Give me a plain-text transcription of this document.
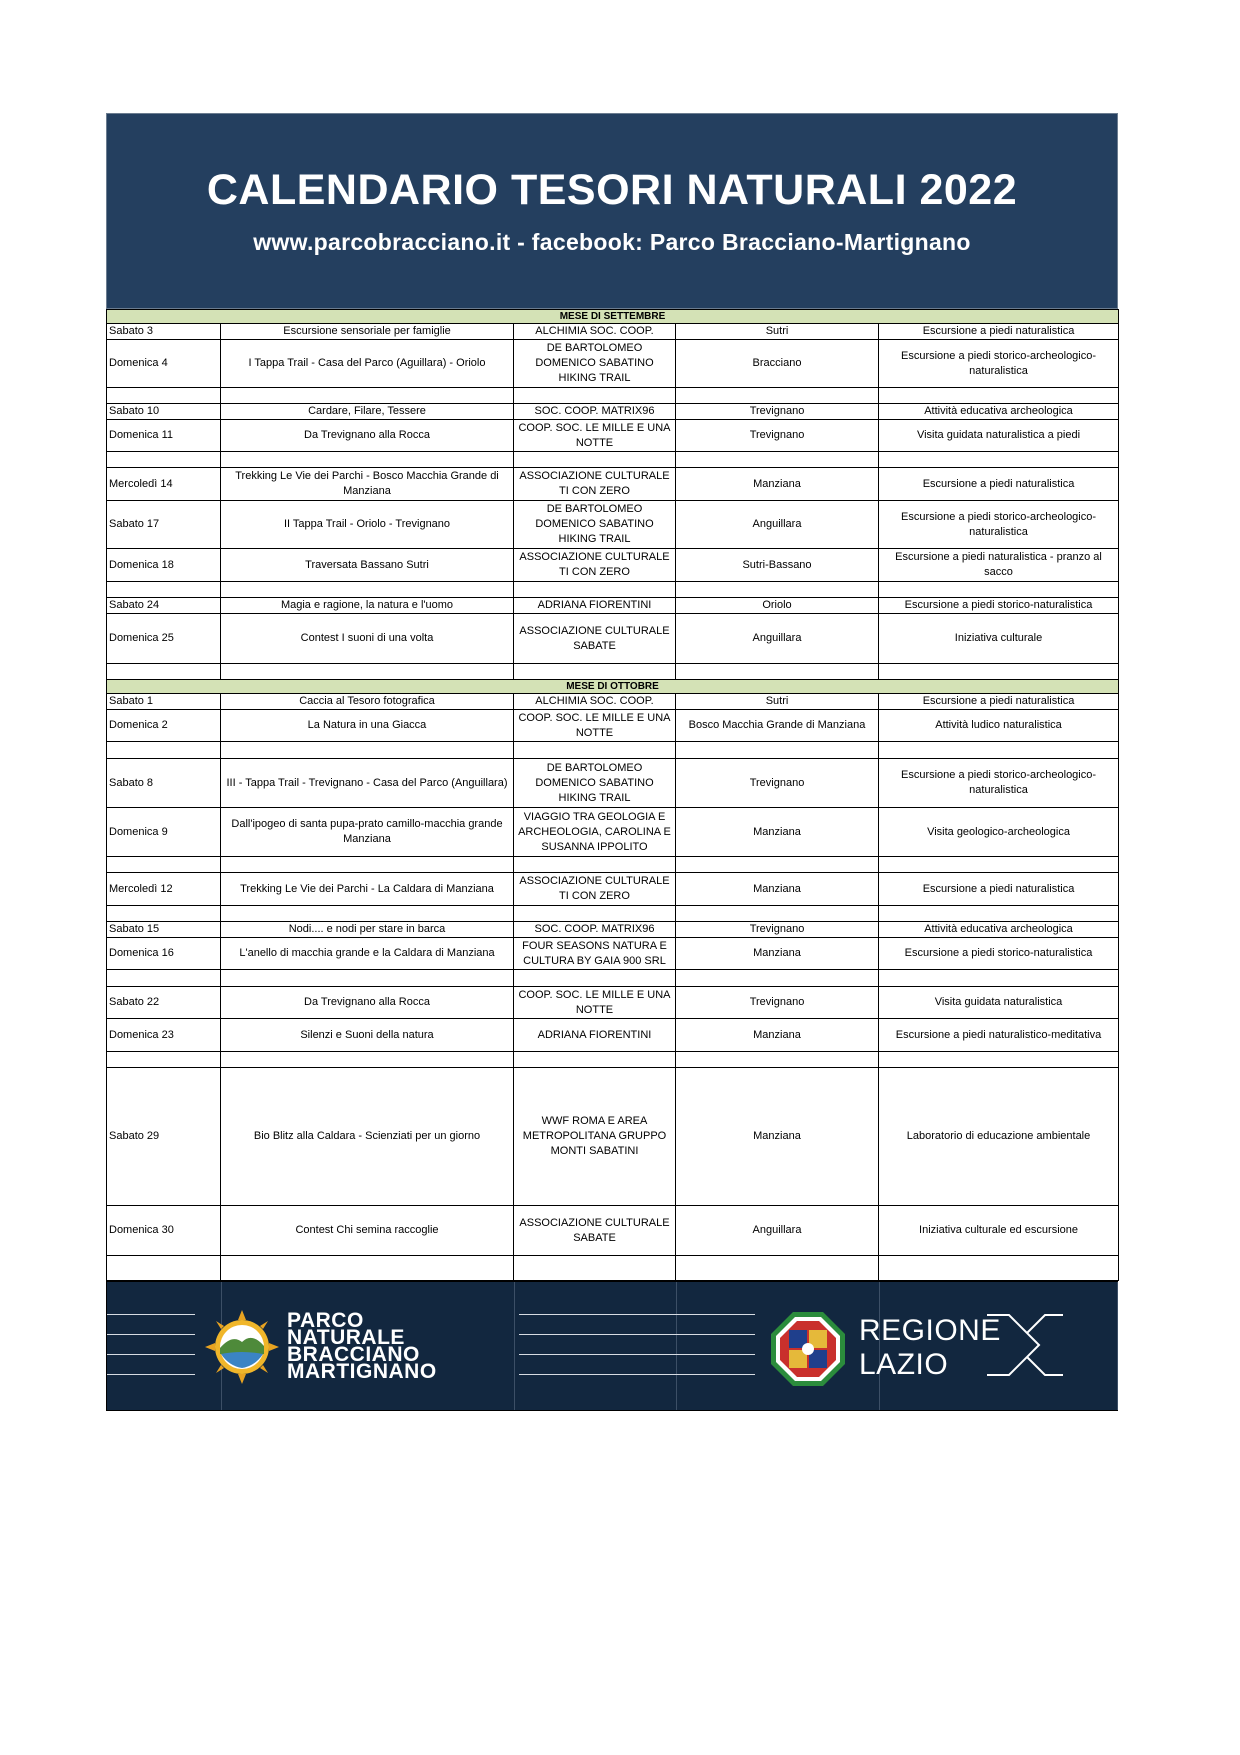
CALENDARIO TESORI NATURALI 2022
www.parcobracciano.it - facebook: Parco Bracciano-Martignano
MESE DI SETTEMBRE				
Sabato 3	Escursione sensoriale per famiglie	ALCHIMIA SOC. COOP.	Sutri	Escursione a piedi naturalistica
Domenica 4	I Tappa Trail - Casa del Parco (Aguillara) - Oriolo	DE BARTOLOMEO DOMENICO SABATINO HIKING TRAIL	Bracciano	Escursione a piedi storico-archeologico-naturalistica

Sabato 10	Cardare, Filare, Tessere	SOC. COOP. MATRIX96	Trevignano	Attività educativa archeologica
Domenica 11	Da Trevignano alla Rocca	COOP. SOC. LE MILLE E UNA NOTTE	Trevignano	Visita guidata naturalistica a piedi

Mercoledì 14	Trekking Le Vie dei Parchi - Bosco Macchia Grande di Manziana	ASSOCIAZIONE CULTURALE TI CON ZERO	Manziana	Escursione a piedi naturalistica
Sabato 17	II Tappa Trail - Oriolo - Trevignano	DE BARTOLOMEO DOMENICO SABATINO HIKING TRAIL	Anguillara	Escursione a piedi storico-archeologico-naturalistica
Domenica 18	Traversata Bassano Sutri	ASSOCIAZIONE CULTURALE TI CON ZERO	Sutri-Bassano	Escursione a piedi naturalistica - pranzo al sacco

Sabato 24	Magia e ragione, la natura e l'uomo	ADRIANA FIORENTINI	Oriolo	Escursione a piedi storico-naturalistica
Domenica 25	Contest I suoni di una volta	ASSOCIAZIONE CULTURALE SABATE	Anguillara	Iniziativa culturale

MESE DI OTTOBRE				
Sabato 1	Caccia al Tesoro fotografica	ALCHIMIA SOC. COOP.	Sutri	Escursione a piedi naturalistica
Domenica 2	La Natura in una Giacca	COOP. SOC. LE MILLE E UNA NOTTE	Bosco Macchia Grande di Manziana	Attività ludico naturalistica

Sabato 8	III - Tappa Trail - Trevignano - Casa del Parco (Anguillara)	DE BARTOLOMEO DOMENICO SABATINO HIKING TRAIL	Trevignano	Escursione a piedi storico-archeologico-naturalistica
Domenica 9	Dall'ipogeo di santa pupa-prato camillo-macchia grande Manziana	VIAGGIO TRA GEOLOGIA E ARCHEOLOGIA, CAROLINA E SUSANNA IPPOLITO	Manziana	Visita geologico-archeologica

Mercoledì 12	Trekking Le Vie dei Parchi - La Caldara di Manziana	ASSOCIAZIONE CULTURALE TI CON ZERO	Manziana	Escursione a piedi naturalistica

Sabato 15	Nodi.... e nodi per stare in barca	SOC. COOP. MATRIX96	Trevignano	Attività educativa archeologica
Domenica 16	L'anello di macchia grande e la Caldara di Manziana	FOUR SEASONS NATURA E CULTURA BY GAIA 900 SRL	Manziana	Escursione a piedi storico-naturalistica

Sabato 22	Da Trevignano alla Rocca	COOP. SOC. LE MILLE E UNA NOTTE	Trevignano	Visita guidata naturalistica
Domenica 23	Silenzi e Suoni della natura	ADRIANA FIORENTINI	Manziana	Escursione a piedi naturalistico-meditativa

Sabato 29	Bio Blitz alla Caldara - Scienziati per un giorno	WWF ROMA E AREA METROPOLITANA GRUPPO MONTI SABATINI	Manziana	Laboratorio di educazione ambientale
Domenica 30	Contest Chi semina raccoglie	ASSOCIAZIONE CULTURALE SABATE	Anguillara	Iniziativa culturale ed escursione

PARCO
NATURALE
BRACCIANO
MARTIGNANO
REGIONE
LAZIO
